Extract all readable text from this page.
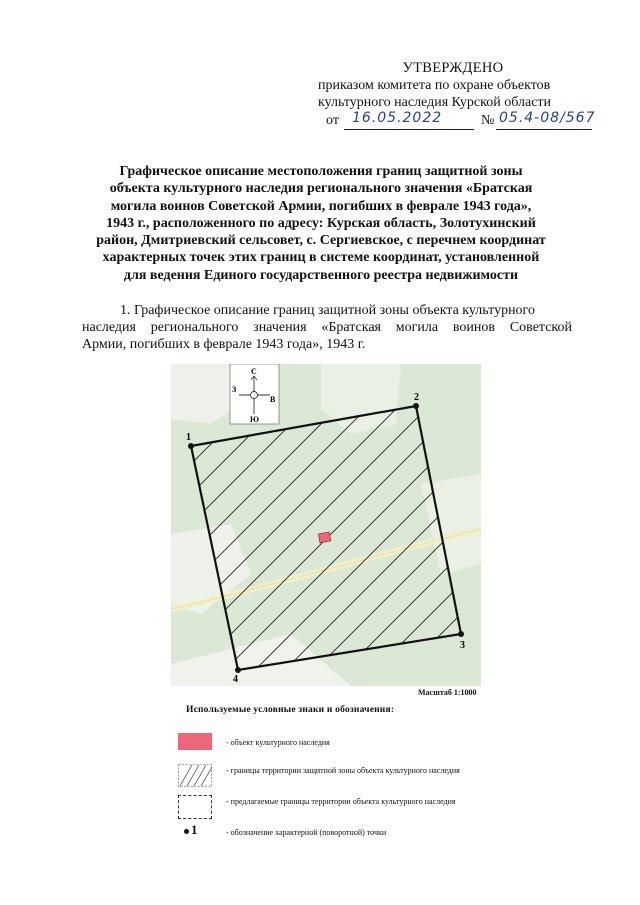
УТВЕРЖДЕНО
приказом комитета по охране объектов
культурного наследия Курской области
от 16.05.2022	№ 05.4-08/567
Графическое описание местоположения границ защитной зоны
объекта культурного наследия регионального значения «Братская
могила воинов Советской Армии, погибших в феврале 1943 года»,
1943 г., расположенного по адресу: Курская область, Золотухинский
район, Дмитриевский сельсовет, с. Сергиевское, с перечнем координат
характерных точек этих границ в системе координат, установленной
для ведения Единого государственного реестра недвижимости
1. Графическое описание границ защитной зоны объекта культурного
наследия регионального значения «Братская могила воинов Советской
Армии, погибших в феврале 1943 года», 1943 г.
1
2
3
4
С
Ю
З
В
Масштаб 1:1000
Используемые условные знаки и обозначения:
- объект культурного наследия
- границы территории защитной зоны объекта культурного наследия
- предлагаемые границы территории объекта культурного наследия
1	- обозначение характерной (поворотной) точки
